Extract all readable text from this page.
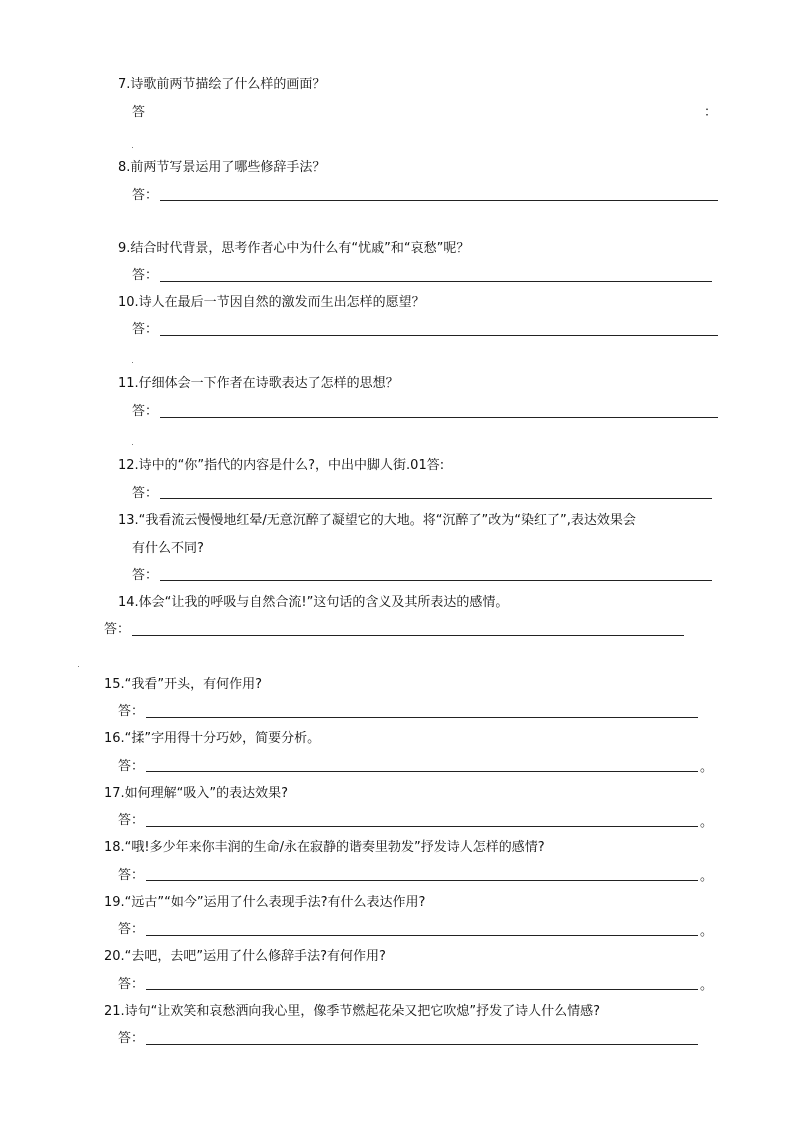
7.诗歌前两节描绘了什么样的画面？
答	：
8.前两节写景运用了哪些修辞手法？
答：
9.结合时代背景，思考作者心中为什么有“忧戚”和“哀愁”呢？
答：
10.诗人在最后一节因自然的激发而生出怎样的愿望？
答：
11.仔细体会一下作者在诗歌表达了怎样的思想？
答：
12.诗中的“你”指代的内容是什么?，中出中脚人街.01答:
答：
13.“我看流云慢慢地红晕/无意沉醉了凝望它的大地。将“沉醉了”改为“染红了”,表达效果会
有什么不同?
答：
14.体会“让我的呼吸与自然合流!”这句话的含义及其所表达的感情。
答：
15.“我看”开头，有何作用?
答：
16.“揉”字用得十分巧妙，简要分析。
答：	。
17.如何理解“吸入”的表达效果?
答：	。
18.“哦!多少年来你丰润的生命/永在寂静的谐奏里勃发”抒发诗人怎样的感情?
答：	。
19.“远古”“如今”运用了什么表现手法?有什么表达作用?
答：	。
20.“去吧，去吧”运用了什么修辞手法?有何作用?
答：	。
21.诗句“让欢笑和哀愁洒向我心里，像季节燃起花朵又把它吹熄”抒发了诗人什么情感?
答：
